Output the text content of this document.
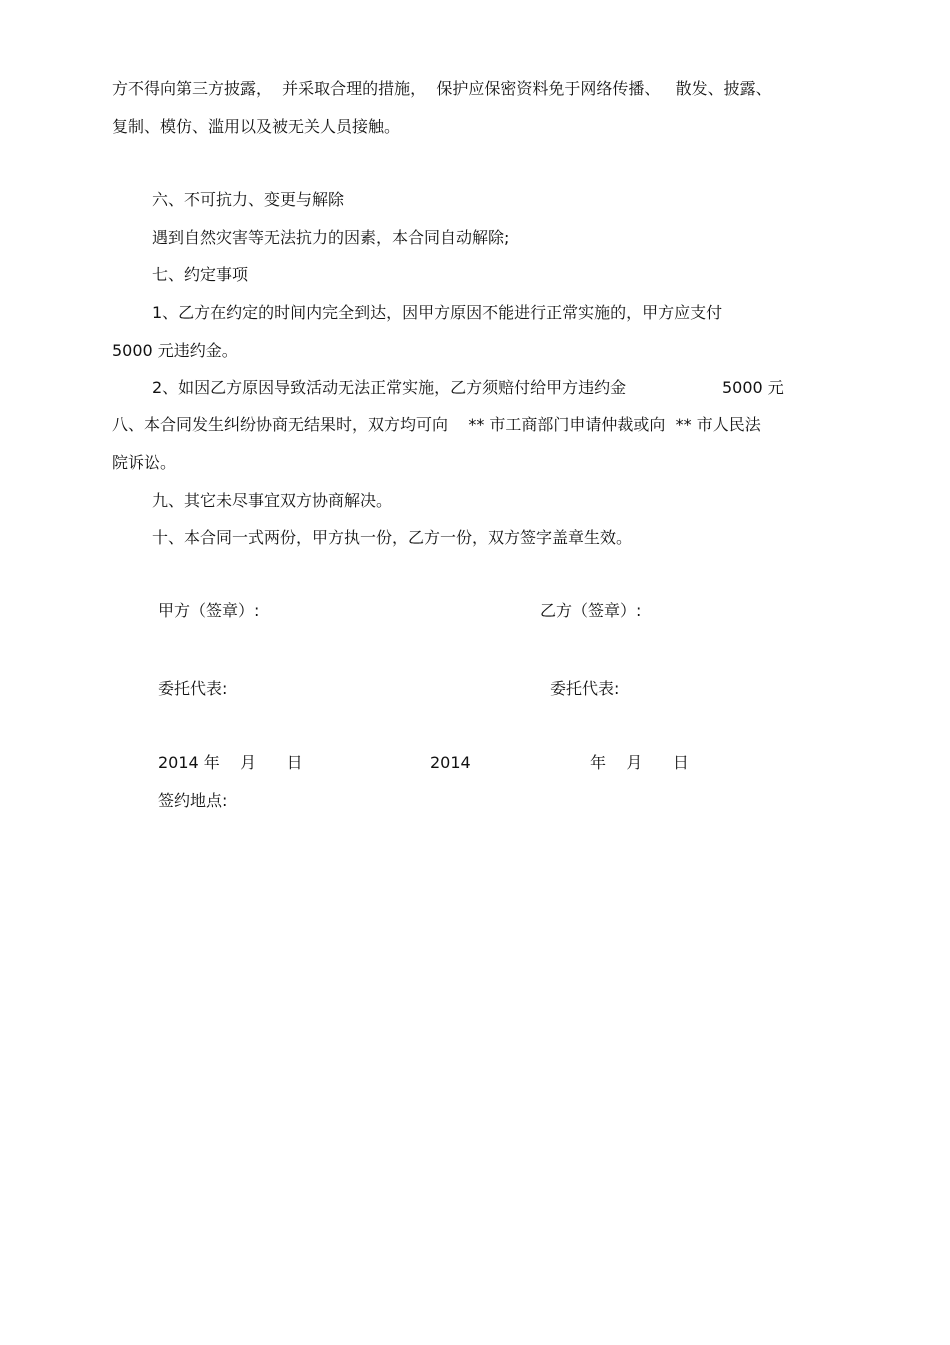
方不得向第三方披露，  并采取合理的措施，  保护应保密资料免于网络传播、   散发、披露、
复制、模仿、滥用以及被无关人员接触。
六、不可抗力、变更与解除
遇到自然灾害等无法抗力的因素，本合同自动解除;
七、约定事项
1、乙方在约定的时间内完全到达，因甲方原因不能进行正常实施的，甲方应支付
5000 元违约金。
2、如因乙方原因导致活动无法正常实施，乙方须赔付给甲方违约金	5000 元
八、本合同发生纠纷协商无结果时，双方均可向    ** 市工商部门申请仲裁或向  ** 市人民法
院诉讼。
九、其它未尽事宜双方协商解决。
十、本合同一式两份，甲方执一份，乙方一份，双方签字盖章生效。
甲方（签章）:	乙方（签章）:
委托代表:	委托代表:
2014 年    月      日	2014	年    月      日
签约地点:
